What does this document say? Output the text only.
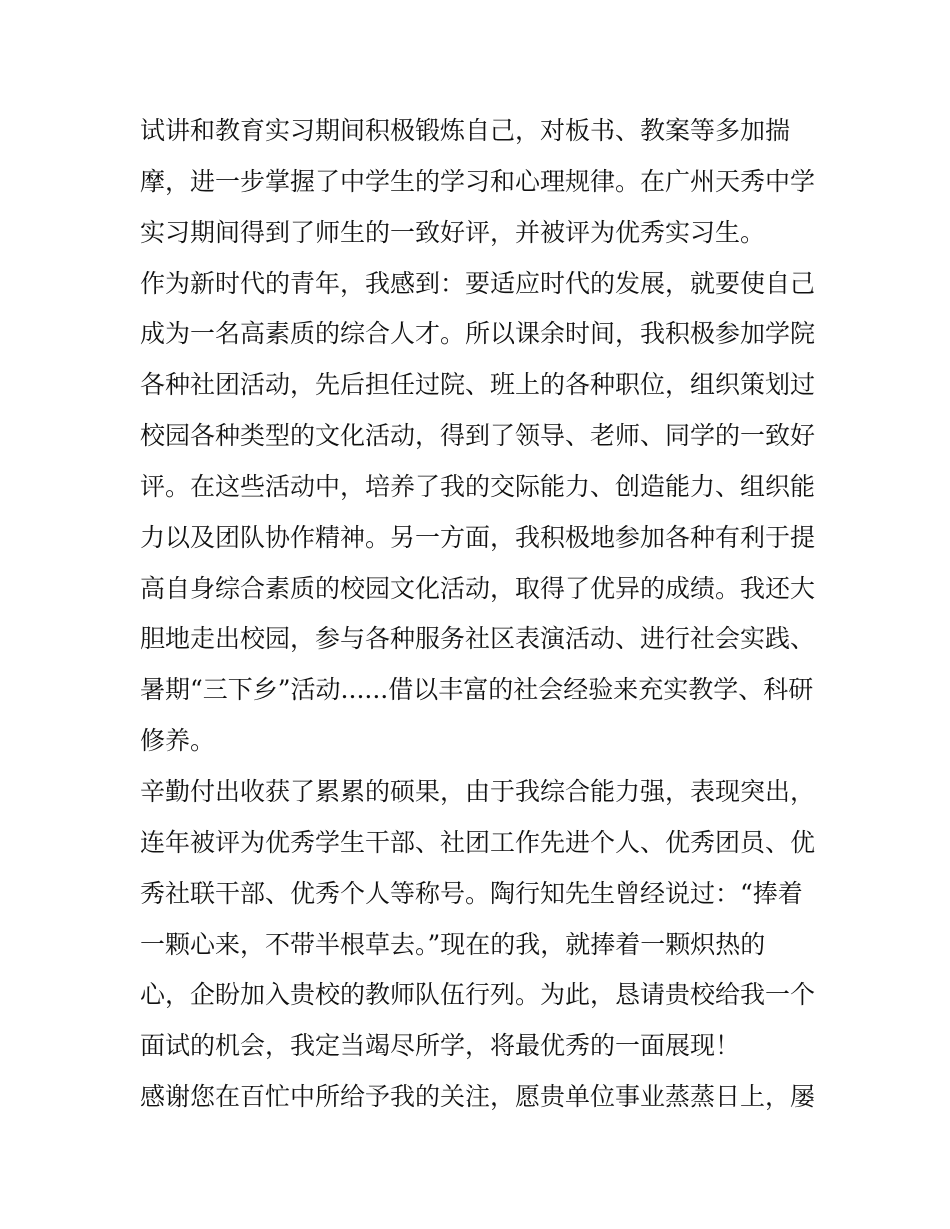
试讲和教育实习期间积极锻炼自己，对板书、教案等多加揣
摩，进一步掌握了中学生的学习和心理规律。在广州天秀中学
实习期间得到了师生的一致好评，并被评为优秀实习生。
作为新时代的青年，我感到：要适应时代的发展，就要使自己
成为一名高素质的综合人才。所以课余时间，我积极参加学院
各种社团活动，先后担任过院、班上的各种职位，组织策划过
校园各种类型的文化活动，得到了领导、老师、同学的一致好
评。在这些活动中，培养了我的交际能力、创造能力、组织能
力以及团队协作精神。另一方面，我积极地参加各种有利于提
高自身综合素质的校园文化活动，取得了优异的成绩。我还大
胆地走出校园，参与各种服务社区表演活动、进行社会实践、
暑期“三下乡”活动......借以丰富的社会经验来充实教学、科研
修养。
辛勤付出收获了累累的硕果，由于我综合能力强，表现突出，
连年被评为优秀学生干部、社团工作先进个人、优秀团员、优
秀社联干部、优秀个人等称号。陶行知先生曾经说过：“捧着
一颗心来，不带半根草去。”现在的我，就捧着一颗炽热的
心，企盼加入贵校的教师队伍行列。为此，恳请贵校给我一个
面试的机会，我定当竭尽所学，将最优秀的一面展现！
感谢您在百忙中所给予我的关注，愿贵单位事业蒸蒸日上，屡
